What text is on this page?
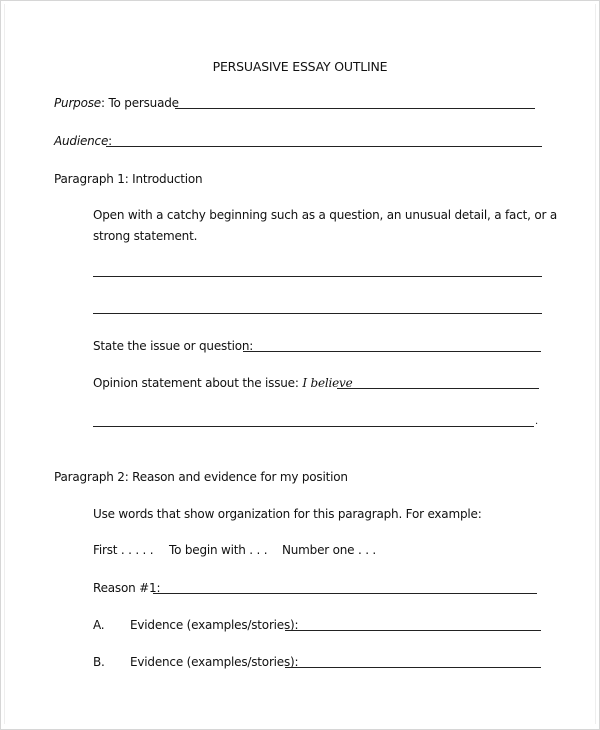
PERSUASIVE ESSAY OUTLINE
Purpose: To persuade
Audience:
Paragraph 1: Introduction
Open with a catchy beginning such as a question, an unusual detail, a fact, or a
strong statement.
State the issue or question:
Opinion statement about the issue: I believe
.
Paragraph 2: Reason and evidence for my position
Use words that show organization for this paragraph. For example:
First . . . . . To begin with . . . Number one . . .
Reason #1:
A. Evidence (examples/stories):
B. Evidence (examples/stories):
